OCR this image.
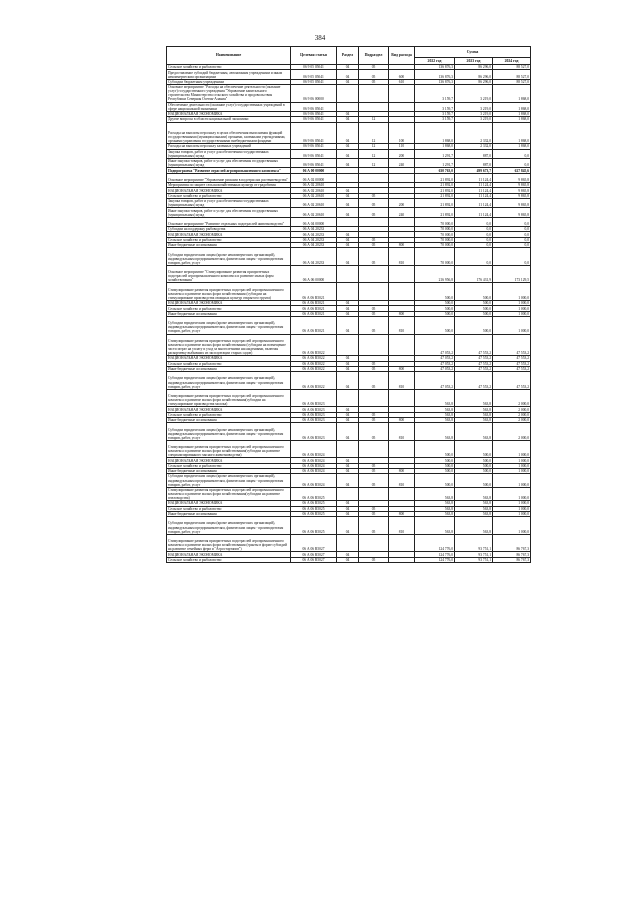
384
Наименование	Целевая статья	Раздел	Подраздел	Вид расхода	Сумма		
					2022 год	2023 год	2024 год
Сельское хозяйство и рыболовство	06 9 05 05041	04	05		136 876,3	86 296,0	88 527,0
Предоставление субсидий бюджетным, автономным учреждениям и иным некоммерческим организациям	06 9 05 05041	04	05	600	136 876,3	86 296,0	88 527,0
Субсидии бюджетным учреждениям	06 9 05 05041	04	05	610	136 876,3	86 296,0	88 527,0
Основное мероприятие "Расходы на обеспечение деятельности (оказание услуг) государственного учреждения "Управление капитального строительства Министерства сельского хозяйства и продовольствия Республики Северная Осетия-Алания"	06 9 06 00000				3 159,7	3 219,0	1 868,0
Обеспечение деятельности (оказание услуг) государственных учреждений в сфере национальной экономики	06 9 06 05041				3 159,7	3 219,0	1 868,0
НАЦИОНАЛЬНАЯ ЭКОНОМИКА	06 9 06 05041	04			3 159,7	3 219,0	1 868,0
Другие вопросы в области национальной экономики	06 9 06 05041	04	12		3 159,7	3 219,0	1 868,0
Расходы на выплаты персоналу в целях обеспечения выполнения функций государственными (муниципальными) органами, казенными учреждениями, органами управления государственными внебюджетными фондами	06 9 06 05041	04	12	100	1 868,0	2 332,0	1 868,0
Расходы на выплаты персоналу казенных учреждений	06 9 06 05041	04	12	110	1 868,0	2 332,0	1 868,0
Закупка товаров, работ и услуг для обеспечения государственных (муниципальных) нужд	06 9 06 05041	04	12	200	1 291,7	887,0	0,0
Иные закупки товаров, работ и услуг для обеспечения государственных (муниципальных) нужд	06 9 06 05041	04	12	240	1 291,7	887,0	0,0
Подпрограмма "Развитие отраслей агропромышленного комплекса"	06 А 00 00000				630 763,0	499 673,7	627 845,6
Основное мероприятие "Управление рисками в подотраслях растениеводства"	06 А 02 00000				21 892,0	11 124,4	9 865,8
Мероприятия по защите сельскохозяйственных культур от градобития	06 А 02 20610				21 892,0	11 124,4	9 865,8
НАЦИОНАЛЬНАЯ ЭКОНОМИКА	06 А 02 20610	04			21 892,0	11 124,4	9 865,8
Сельское хозяйство и рыболовство	06 А 02 20610	04	05		21 892,0	11 124,4	9 865,8
Закупка товаров, работ и услуг для обеспечения государственных (муниципальных) нужд	06 А 02 20610	04	05	200	21 892,0	11 124,4	9 865,8
Иные закупки товаров, работ и услуг для обеспечения государственных (муниципальных) нужд	06 А 02 20610	04	05	240	21 892,0	11 124,4	9 865,8
Основное мероприятие "Развитие отдельных подотраслей животноводства"	06 А 04 00000				70 000,0	0,0	0,0
Субсидии на поддержку рыбоводства	06 А 04 20233				70 000,0	0,0	0,0
НАЦИОНАЛЬНАЯ ЭКОНОМИКА	06 А 04 20233	04			70 000,0	0,0	0,0
Сельское хозяйство и рыболовство	06 А 04 20233	04	05		70 000,0	0,0	0,0
Иные бюджетные ассигнования	06 А 04 20233	04	05	800	70 000,0	0,0	0,0
Субсидии юридическим лицам (кроме некоммерческих организаций), индивидуальным предпринимателям, физическим лицам - производителям товаров, работ, услуг	06 А 04 20233	04	05	810	70 000,0	0,0	0,0
Основное мероприятие "Стимулирование развития приоритетных подотраслей агропромышленного комплекса и развитие малых форм хозяйствования"	06 А 06 00000				216 956,8	176 431,9	173 129,5
Стимулирование развития приоритетных подотраслей агропромышленного комплекса и развитие малых форм хозяйствования (субсидии на стимулирование производства овощных культур открытого грунта)	06 А 06 R5021				500,0	500,0	1 000,0
НАЦИОНАЛЬНАЯ ЭКОНОМИКА	06 А 06 R5021	04			500,0	500,0	1 000,0
Сельское хозяйство и рыболовство	06 А 06 R5021	04	05		500,0	500,0	1 000,0
Иные бюджетные ассигнования	06 А 06 R5021	04	05	800	500,0	500,0	1 000,0
Субсидии юридическим лицам (кроме некоммерческих организаций), индивидуальным предпринимателям, физическим лицам - производителям товаров, работ, услуг	06 А 06 R5021	04	05	810	500,0	500,0	1 000,0
Стимулирование развития приоритетных подотраслей агропромышленного комплекса и развитие малых форм хозяйствования (субсидии на возмещение части затрат на уплату и уход за многолетними насаждениями, включая раскорчевку выбывших из эксплуатации старых садов)	06 А 06 R5022				47 053,2	47 553,2	47 553,2
НАЦИОНАЛЬНАЯ ЭКОНОМИКА	06 А 06 R5022	04			47 053,2	47 553,2	47 553,2
Сельское хозяйство и рыболовство	06 А 06 R5022	04	05		47 053,2	47 553,2	47 553,2
Иные бюджетные ассигнования	06 А 06 R5022	04	05	800	47 053,2	47 553,2	47 553,2
Субсидии юридическим лицам (кроме некоммерческих организаций), индивидуальным предпринимателям, физическим лицам - производителям товаров, работ, услуг	06 А 06 R5022	04	05	810	47 053,2	47 553,2	47 553,2
Стимулирование развития приоритетных подотраслей агропромышленного комплекса и развитие малых форм хозяйствования(субсидии на стимулирование производства молока)	06 А 06 R5023				563,8	563,8	2 000,0
НАЦИОНАЛЬНАЯ ЭКОНОМИКА	06 А 06 R5023	04			563,8	563,8	2 000,0
Сельское хозяйство и рыболовство	06 А 06 R5023	04	05		563,8	563,8	2 000,0
Иные бюджетные ассигнования	06 А 06 R5023	04	05	800	563,8	563,8	2 000,0
Субсидии юридическим лицам (кроме некоммерческих организаций), индивидуальным предпринимателям, физическим лицам - производителям товаров, работ, услуг	06 А 06 R5023	04	05	810	563,8	563,8	2 000,0
Стимулирование развития приоритетных подотраслей агропромышленного комплекса и развитие малых форм хозяйствования(субсидии на развитие специализированного мясного животноводства)	06 А 06 R5024				500,0	500,0	1 000,0
НАЦИОНАЛЬНАЯ ЭКОНОМИКА	06 А 06 R5024	04			500,0	500,0	1 000,0
Сельское хозяйство и рыболовство	06 А 06 R5024	04	05		500,0	500,0	1 000,0
Иные бюджетные ассигнования	06 А 06 R5024	04	05	800	500,0	500,0	1 000,0
Субсидии юридическим лицам (кроме некоммерческих организаций), индивидуальным предпринимателям, физическим лицам - производителям товаров, работ, услуг	06 А 06 R5024	04	05	810	500,0	500,0	1 000,0
Стимулирование развития приоритетных подотраслей агропромышленного комплекса и развитие малых форм хозяйствования(субсидии на развитие пчеловодства)	06 А 06 R5025				563,8	563,8	1 000,0
НАЦИОНАЛЬНАЯ ЭКОНОМИКА	06 А 06 R5025	04			563,8	563,8	1 000,0
Сельское хозяйство и рыболовство	06 А 06 R5025	04	05		563,8	563,8	1 000,0
Иные бюджетные ассигнования	06 А 06 R5025	04	05	800	563,8	563,8	1 000,0
Субсидии юридическим лицам (кроме некоммерческих организаций), индивидуальным предпринимателям, физическим лицам - производителям товаров, работ, услуг	06 А 06 R5025	04	05	810	563,8	563,8	1 000,0
Стимулирование развития приоритетных подотраслей агропромышленного комплекса и развитие малых форм хозяйствования (гранты в форме субсидий на развитие семейных ферм и "Агростартапов")	06 А 06 R5027				124 776,0	93 751,1	86 767,3
НАЦИОНАЛЬНАЯ ЭКОНОМИКА	06 А 06 R5027	04			124 776,0	93 751,1	86 767,3
Сельское хозяйство и рыболовство	06 А 06 R5027	04	05		124 776,0	93 751,1	86 767,3
